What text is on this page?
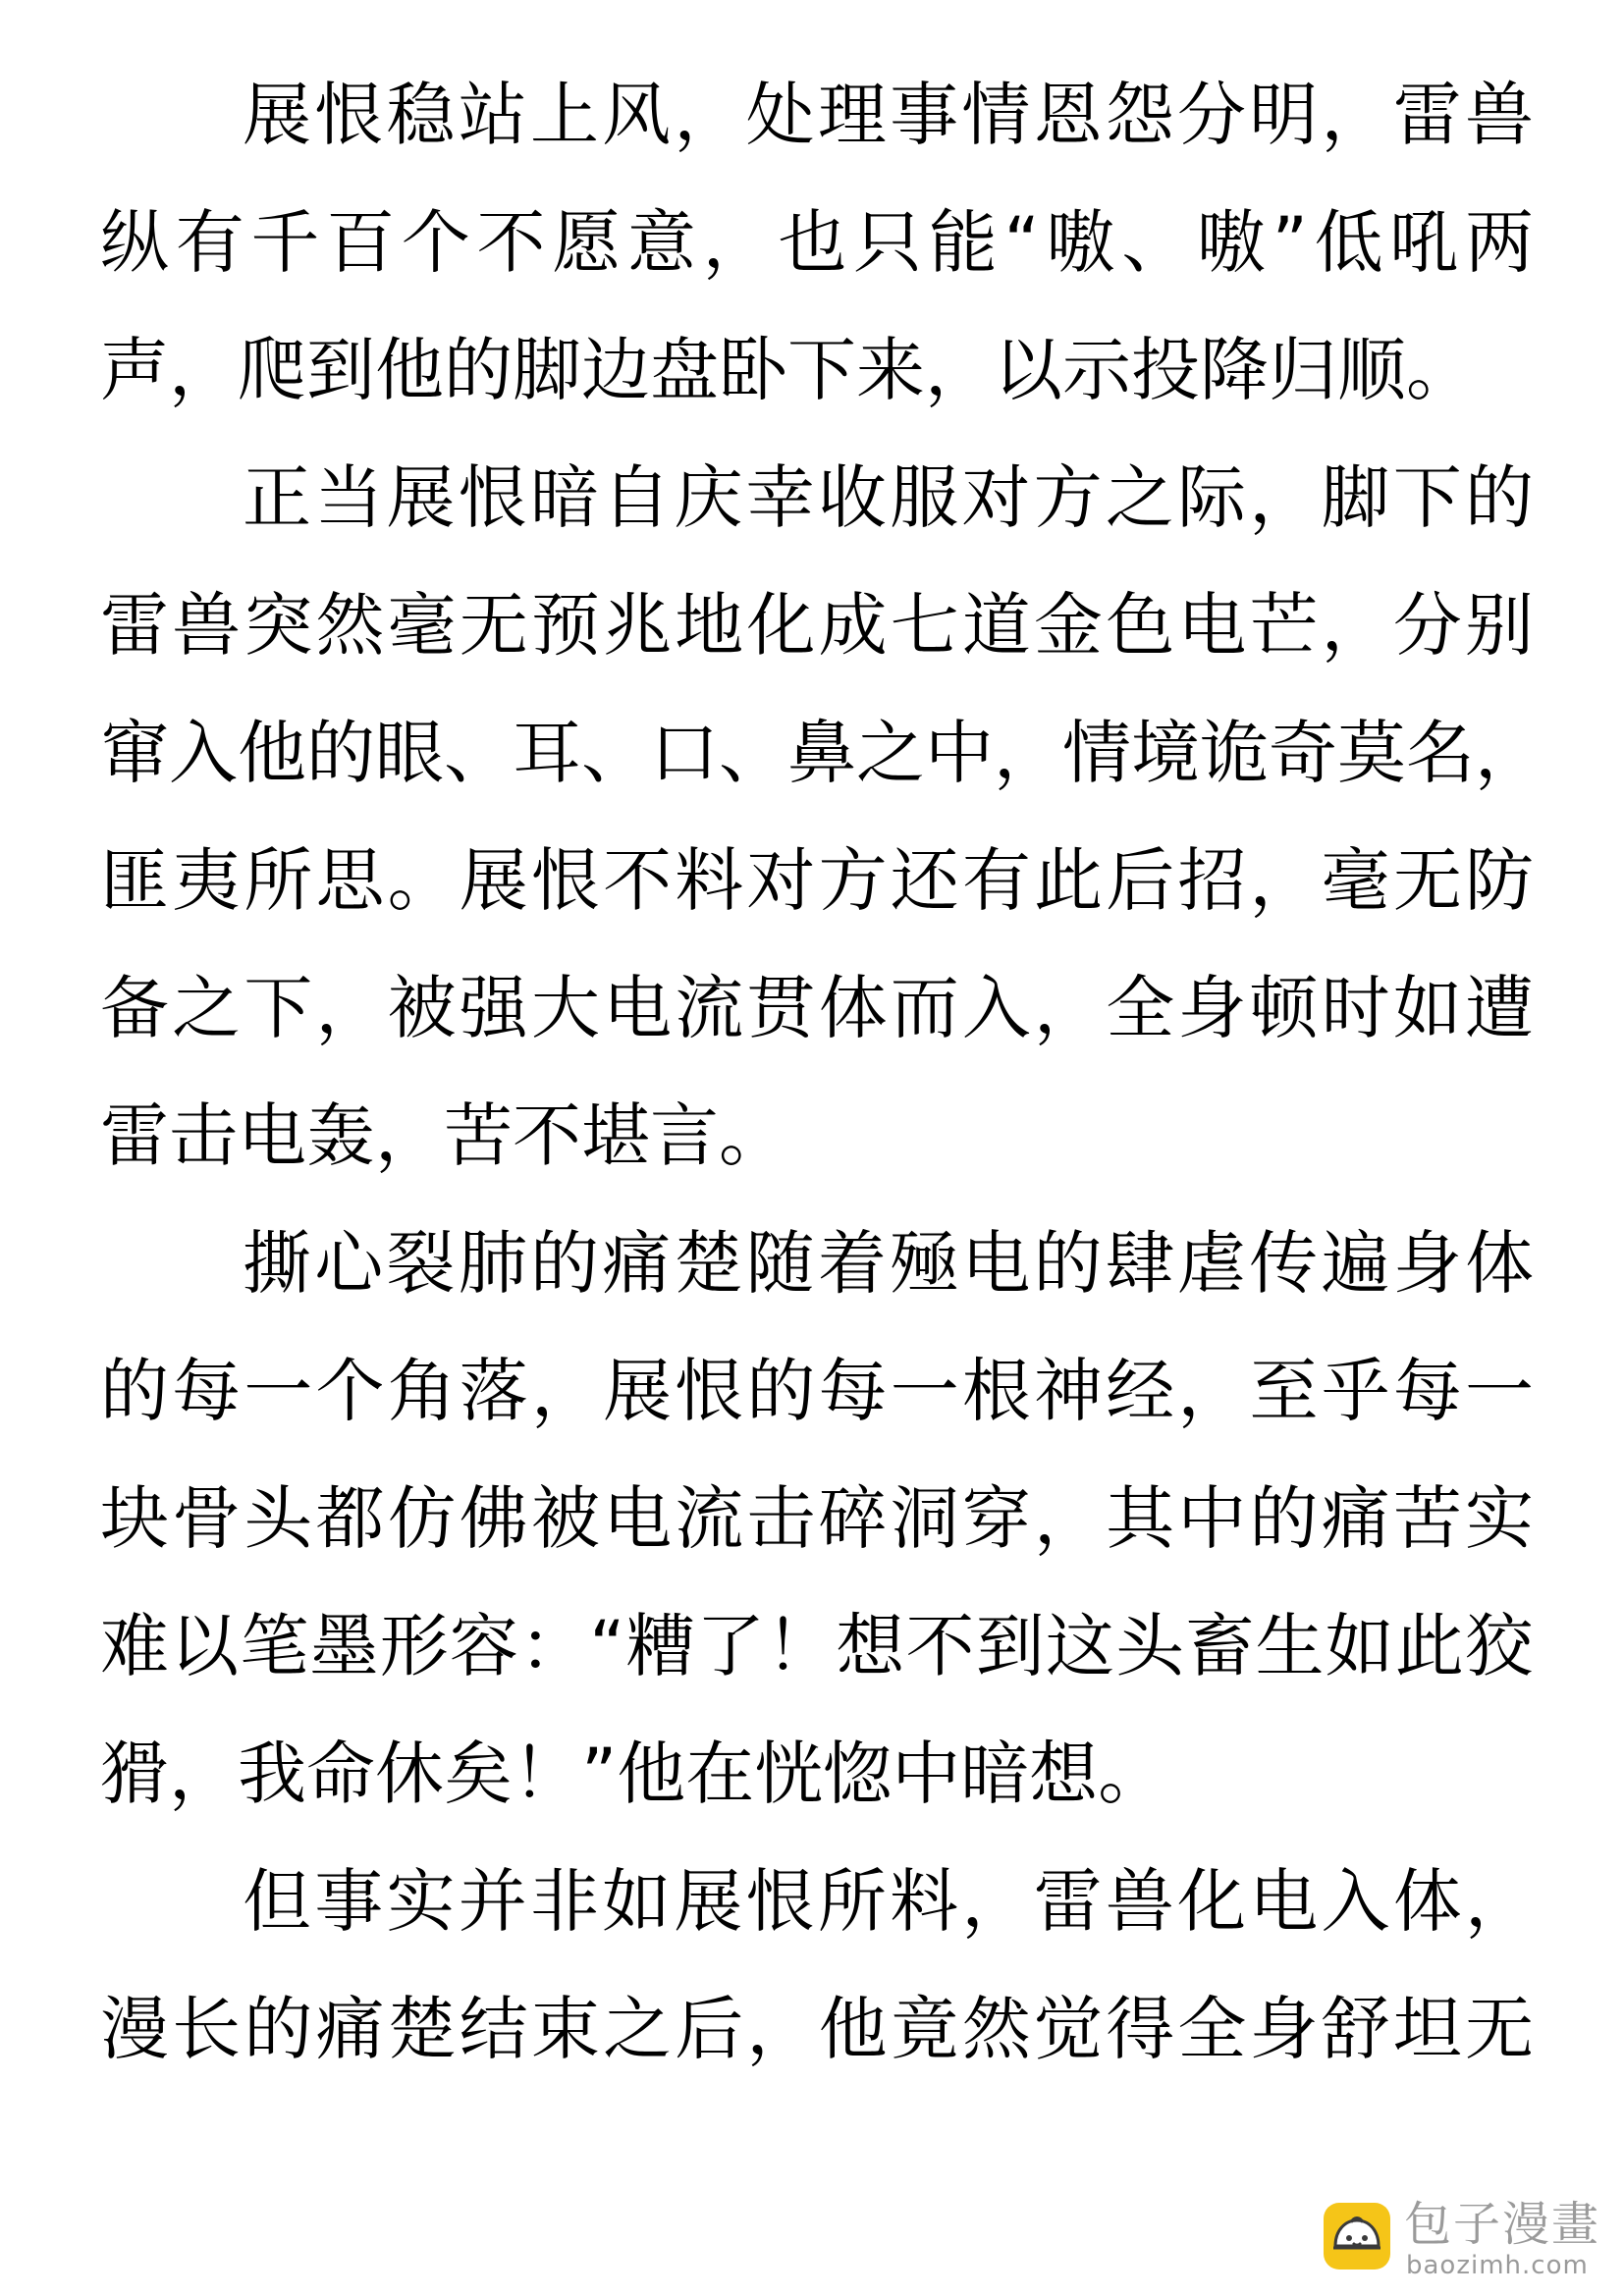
展恨稳站上风，处理事情恩怨分明，雷兽
纵有千百个不愿意，也只能“嗷、嗷”低吼两
声，爬到他的脚边盘卧下来，以示投降归顺。
正当展恨暗自庆幸收服对方之际，脚下的
雷兽突然毫无预兆地化成七道金色电芒，分别
窜入他的眼、耳、口、鼻之中，情境诡奇莫名，
匪夷所思。展恨不料对方还有此后招，毫无防
备之下，被强大电流贯体而入，全身顿时如遭
雷击电轰，苦不堪言。
撕心裂肺的痛楚随着殛电的肆虐传遍身体
的每一个角落，展恨的每一根神经，至乎每一
块骨头都仿佛被电流击碎洞穿，其中的痛苦实
难以笔墨形容：“糟了！想不到这头畜生如此狡
猾，我命休矣！”他在恍惚中暗想。
但事实并非如展恨所料，雷兽化电入体，
漫长的痛楚结束之后，他竟然觉得全身舒坦无
包子漫畫
baozimh.com
